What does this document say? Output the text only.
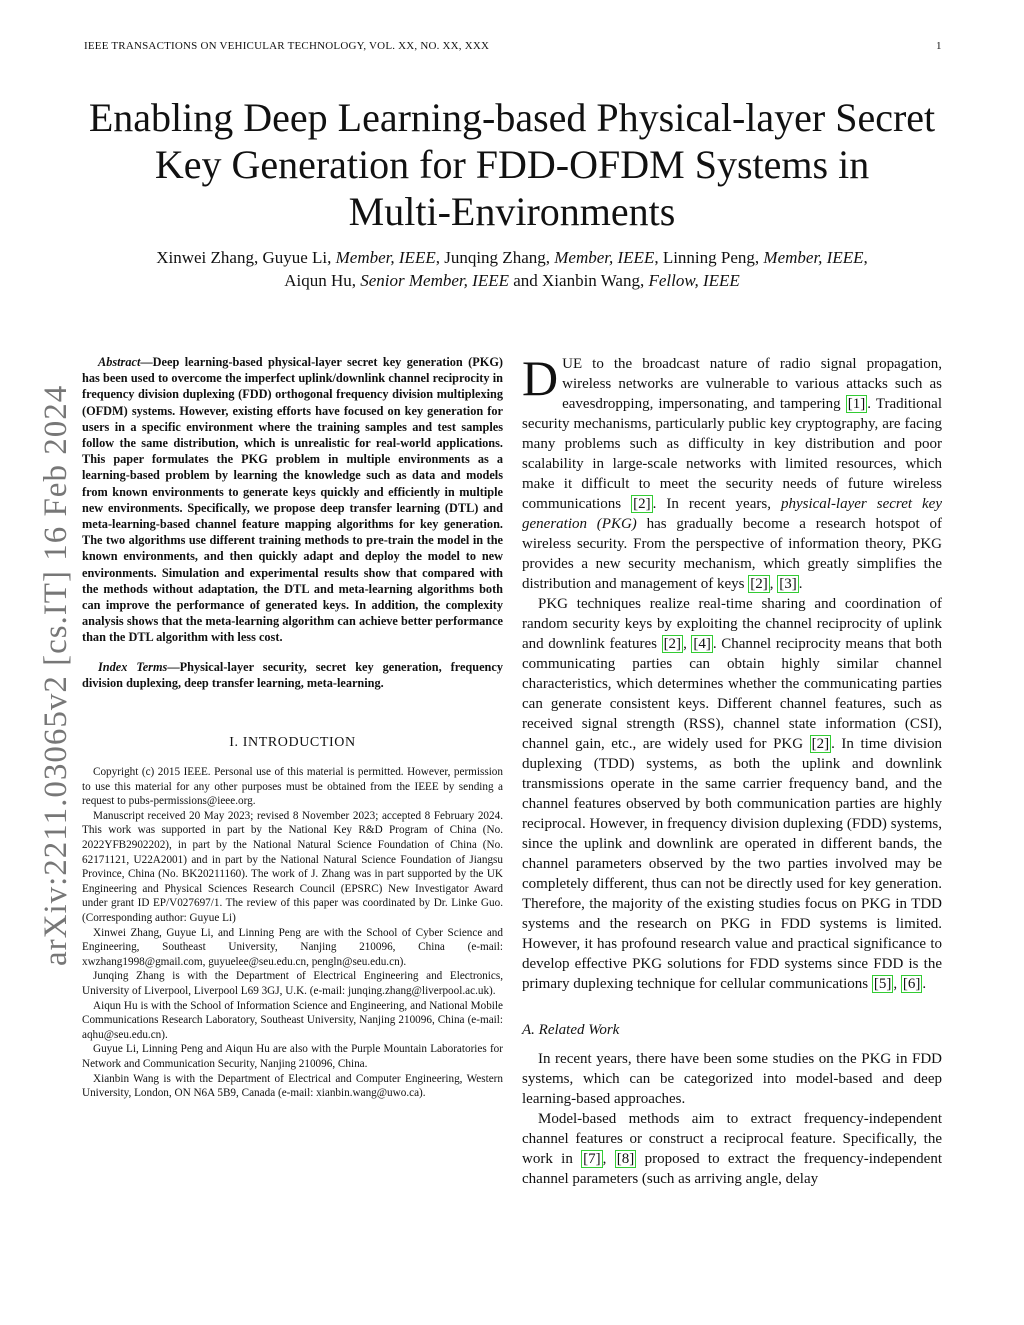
IEEE TRANSACTIONS ON VEHICULAR TECHNOLOGY, VOL. XX, NO. XX, XXX	1
Enabling Deep Learning-based Physical-layer Secret
Key Generation for FDD-OFDM Systems in
Multi-Environments
Xinwei Zhang, Guyue Li, Member, IEEE, Junqing Zhang, Member, IEEE, Linning Peng, Member, IEEE,
Aiqun Hu, Senior Member, IEEE and Xianbin Wang, Fellow, IEEE
arXiv:2211.03065v2 [cs.IT] 16 Feb 2024

Abstract—Deep learning-based physical-layer secret key generation (PKG) has been used to overcome the imperfect uplink/downlink channel reciprocity in frequency division duplexing (FDD) orthogonal frequency division multiplexing (OFDM) systems. However, existing efforts have focused on key generation for users in a specific environment where the training samples and test samples follow the same distribution, which is unrealistic for real-world applications. This paper formulates the PKG problem in multiple environments as a learning-based problem by learning the knowledge such as data and models from known environments to generate keys quickly and efficiently in multiple new environments. Specifically, we propose deep transfer learning (DTL) and meta-learning-based channel feature mapping algorithms for key generation. The two algorithms use different training methods to pre-train the model in the known environments, and then quickly adapt and deploy the model to new environments. Simulation and experimental results show that compared with the methods without adaptation, the DTL and meta-learning algorithms both can improve the performance of generated keys. In addition, the complexity analysis shows that the meta-learning algorithm can achieve better performance than the DTL algorithm with less cost.

Index Terms—Physical-layer security, secret key generation, frequency division duplexing, deep transfer learning, meta-learning.

I. INTRODUCTION

Copyright (c) 2015 IEEE. Personal use of this material is permitted. However, permission to use this material for any other purposes must be obtained from the IEEE by sending a request to pubs-permissions@ieee.org.

Manuscript received 20 May 2023; revised 8 November 2023; accepted 8 February 2024. This work was supported in part by the National Key R&D Program of China (No. 2022YFB2902202), in part by the National Natural Science Foundation of China (No. 62171121, U22A2001) and in part by the National Natural Science Foundation of Jiangsu Province, China (No. BK20211160). The work of J. Zhang was in part supported by the UK Engineering and Physical Sciences Research Council (EPSRC) New Investigator Award under grant ID EP/V027697/1. The review of this paper was coordinated by Dr. Linke Guo. (Corresponding author: Guyue Li)

Xinwei Zhang, Guyue Li, and Linning Peng are with the School of Cyber Science and Engineering, Southeast University, Nanjing 210096, China (e-mail: xwzhang1998@gmail.com, guyuelee@seu.edu.cn, pengln@seu.edu.cn).

Junqing Zhang is with the Department of Electrical Engineering and Electronics, University of Liverpool, Liverpool L69 3GJ, U.K. (e-mail: junqing.zhang@liverpool.ac.uk).

Aiqun Hu is with the School of Information Science and Engineering, and National Mobile Communications Research Laboratory, Southeast University, Nanjing 210096, China (e-mail: aqhu@seu.edu.cn).

Guyue Li, Linning Peng and Aiqun Hu are also with the Purple Mountain Laboratories for Network and Communication Security, Nanjing 210096, China.

Xianbin Wang is with the Department of Electrical and Computer Engineering, Western University, London, ON N6A 5B9, Canada (e-mail: xianbin.wang@uwo.ca).

DUE to the broadcast nature of radio signal propagation, wireless networks are vulnerable to various attacks such as eavesdropping, impersonating, and tampering [1] . Traditional security mechanisms, particularly public key cryptography, are facing many problems such as difficulty in key distribution and poor scalability in large-scale networks with limited resources, which make it difficult to meet the security needs of future wireless communications [2] . In recent years, physical-layer secret key generation (PKG) has gradually become a research hotspot of wireless security. From the perspective of information theory, PKG provides a new security mechanism, which greatly simplifies the distribution and management of keys [2] , [3] .

PKG techniques realize real-time sharing and coordination of random security keys by exploiting the channel reciprocity of uplink and downlink features [2] , [4] . Channel reciprocity means that both communicating parties can obtain highly similar channel characteristics, which determines whether the communicating parties can generate consistent keys. Different channel features, such as received signal strength (RSS), channel state information (CSI), channel gain, etc., are widely used for PKG [2] . In time division duplexing (TDD) systems, as both the uplink and downlink transmissions operate in the same carrier frequency band, and the channel features observed by both communication parties are highly reciprocal. However, in frequency division duplexing (FDD) systems, since the uplink and downlink are operated in different bands, the channel parameters observed by the two parties involved may be completely different, thus can not be directly used for key generation. Therefore, the majority of the existing studies focus on PKG in TDD systems and the research on PKG in FDD systems is limited. However, it has profound research value and practical significance to develop effective PKG solutions for FDD systems since FDD is the primary duplexing technique for cellular communications [5] , [6] .

A. Related Work

In recent years, there have been some studies on the PKG in FDD systems, which can be categorized into model-based and deep learning-based approaches.

Model-based methods aim to extract frequency-independent channel features or construct a reciprocal feature. Specifically, the work in [7] , [8] proposed to extract the frequency-independent channel parameters (such as arriving angle, delay
